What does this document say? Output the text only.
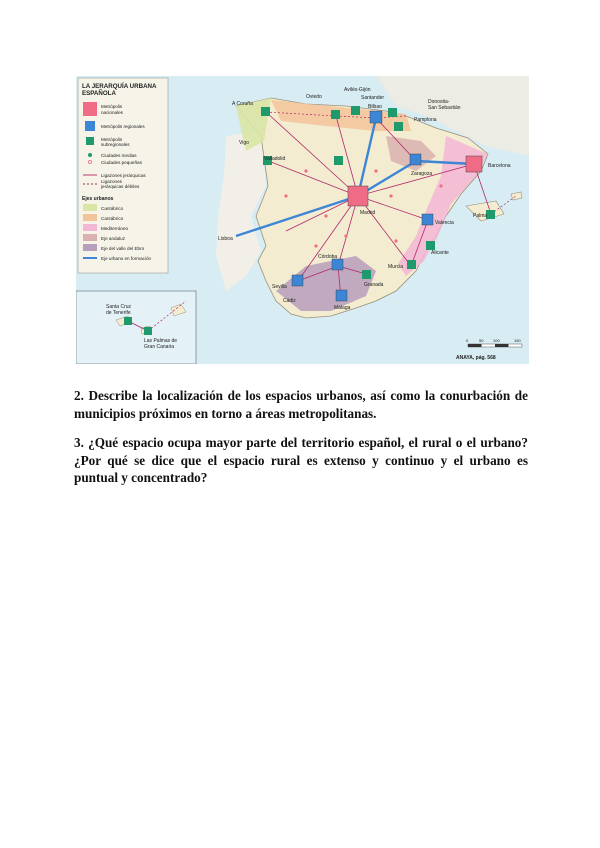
LA JERARQUÍA URBANA
ESPAÑOLA
Metrópolis
nacionales
Metrópolis regionales
Metrópolis
subregionales
Ciudades medias
Ciudades pequeñas
Ligazones jerárquicas
Ligazones
jerárquicas débiles
Ejes urbanos
Cantábrico
Cantábrico
Mediterráneo
Eje andaluz
Eje del valle del Ebro
Eje urbano en formación
A Coruña
Oviedo
Avilés-Gijón
Santander
Bilbao
Donostia-
San Sebastián
Pamplona
Vigo
Valladolid
Zaragoza
Barcelona
Madrid
Valencia
Palma
Lisboa
Alicante
Murcia
Córdoba
Granada
Sevilla
Cádiz
Málaga
Santa Cruz
de Tenerife
Las Palmas de
Gran Canaria
0	50 100	150
ANAYA, pág. 568

2. Describe la localización de los espacios urbanos, así como la conurbación de municipios próximos en torno a áreas metropolitanas.

3. ¿Qué espacio ocupa mayor parte del territorio español, el rural o el urbano? ¿Por qué se dice que el espacio rural es extenso y continuo y el urbano es puntual y concentrado?
